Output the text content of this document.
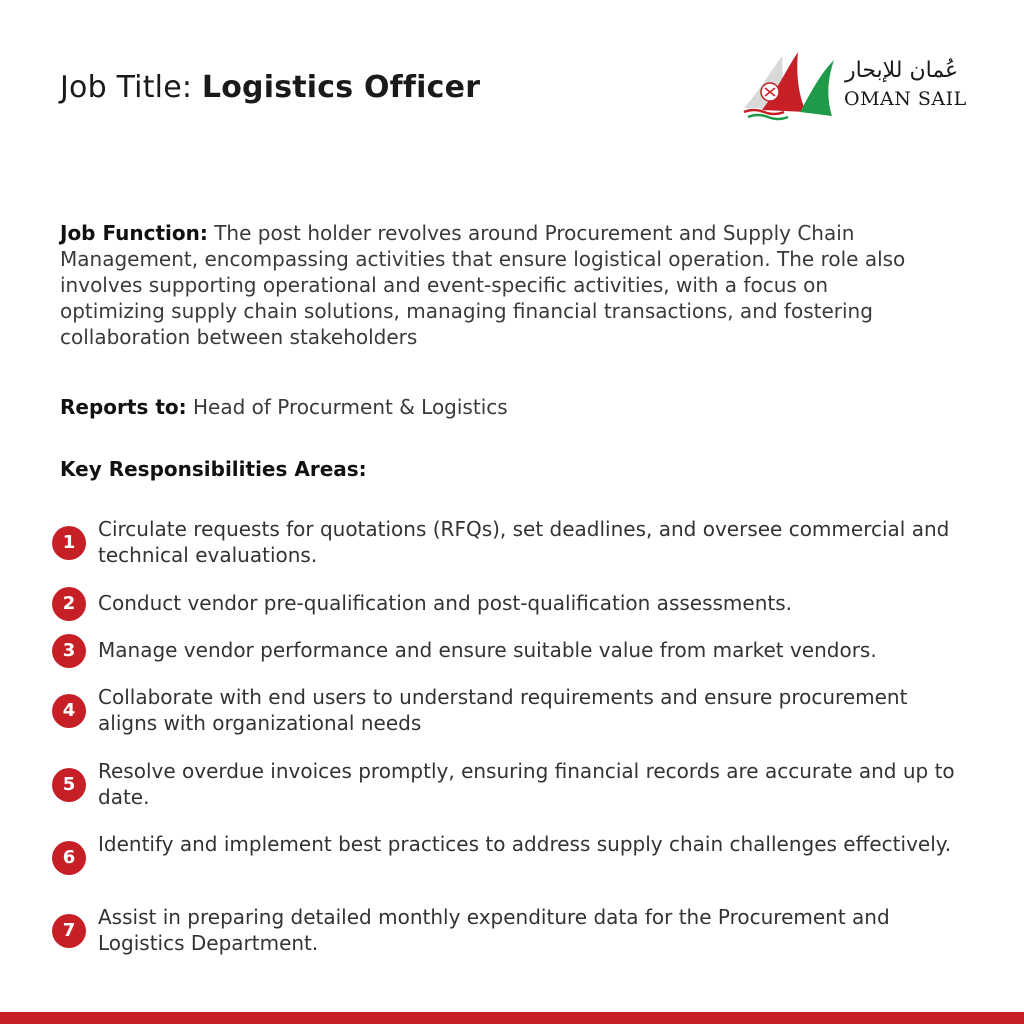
Job Title: Logistics Officer	عُمان للإبحار
OMAN SAIL
Job Function: The post holder revolves around Procurement and Supply Chain Management, encompassing activities that ensure logistical operation. The role also involves supporting operational and event-specific activities, with a focus on optimizing supply chain solutions, managing financial transactions, and fostering collaboration between stakeholders
Reports to: Head of Procurment & Logistics
Key Responsibilities Areas:
1
Circulate requests for quotations (RFQs), set deadlines, and oversee commercial and technical evaluations.
2	Conduct vendor pre-qualification and post-qualification assessments.
3	Manage vendor performance and ensure suitable value from market vendors.
4
Collaborate with end users to understand requirements and ensure procurement aligns with organizational needs
5
Resolve overdue invoices promptly, ensuring financial records are accurate and up to date.
6
Identify and implement best practices to address supply chain challenges effectively.
7
Assist in preparing detailed monthly expenditure data for the Procurement and Logistics Department.
